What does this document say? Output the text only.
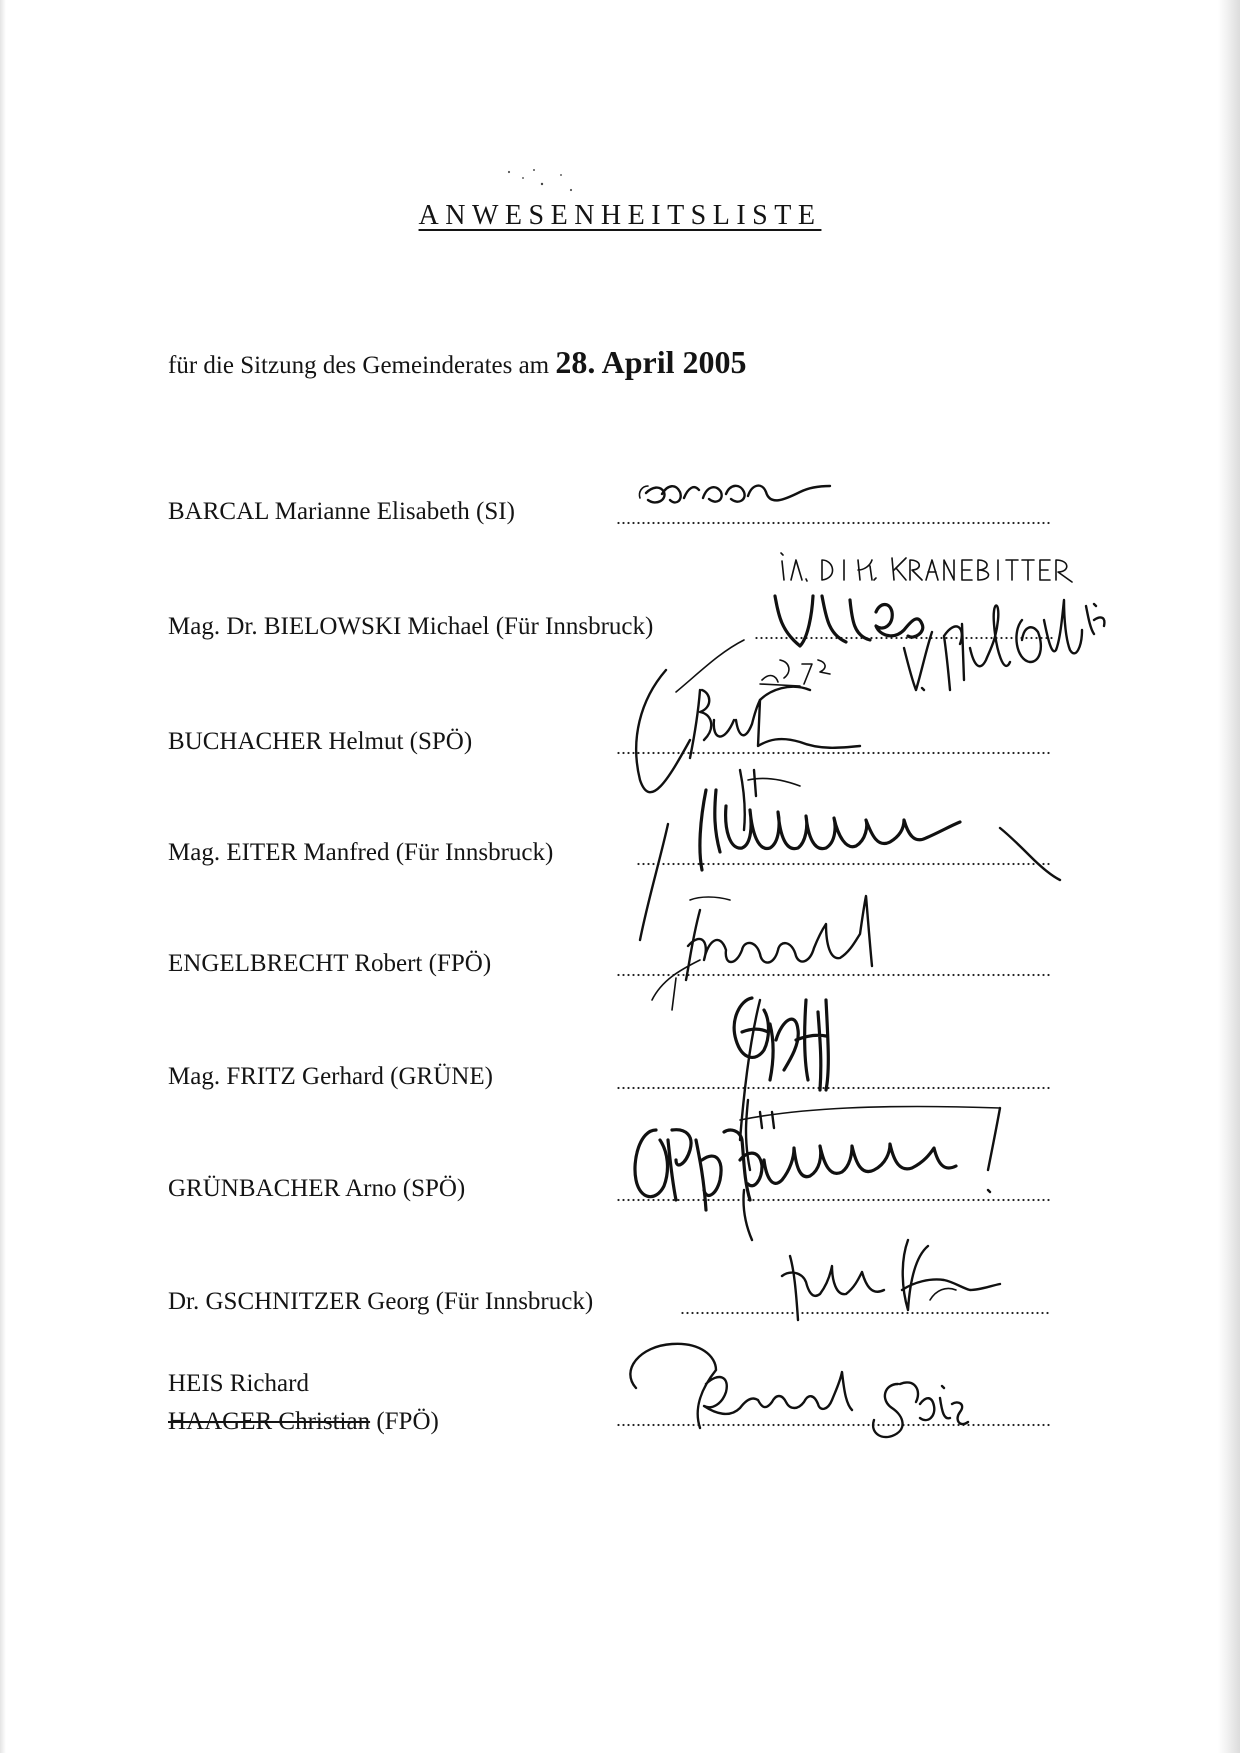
ANWESENHEITSLISTE
für die Sitzung des Gemeinderates am 28. April 2005
BARCAL Marianne Elisabeth (SI)
Mag. Dr. BIELOWSKI Michael (Für Innsbruck)
BUCHACHER Helmut (SPÖ)
Mag. EITER Manfred (Für Innsbruck)
ENGELBRECHT Robert (FPÖ)
Mag. FRITZ Gerhard (GRÜNE)
GRÜNBACHER Arno (SPÖ)
Dr. GSCHNITZER Georg (Für Innsbruck)
HEIS Richard
HAAGER Christian (FPÖ)
